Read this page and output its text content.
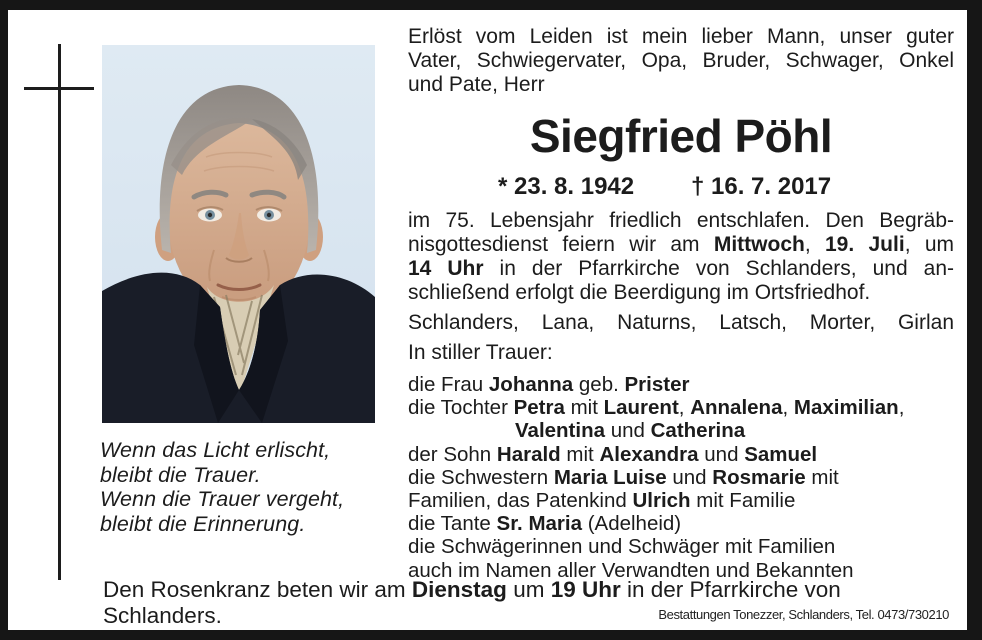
Wenn das Licht erlischt,
bleibt die Trauer.
Wenn die Trauer vergeht,
bleibt die Erinnerung.
Erlöst vom Leiden ist mein lieber Mann, unser guter
Vater, Schwiegervater, Opa, Bruder, Schwager, Onkel
und Pate, Herr
Siegfried Pöhl
* 23. 8. 1942 † 16. 7. 2017
im 75. Lebensjahr friedlich entschlafen. Den Begräb-
nisgottesdienst feiern wir am Mittwoch, 19. Juli, um
14 Uhr in der Pfarrkirche von Schlanders, und an-
schließend erfolgt die Beerdigung im Ortsfriedhof.
Schlanders, Lana, Naturns, Latsch, Morter, Girlan
In stiller Trauer:
die Frau Johanna geb. Prister
die Tochter Petra mit Laurent, Annalena, Maximilian,
Valentina und Catherina
der Sohn Harald mit Alexandra und Samuel
die Schwestern Maria Luise und Rosmarie mit
Familien, das Patenkind Ulrich mit Familie
die Tante Sr. Maria (Adelheid)
die Schwägerinnen und Schwäger mit Familien
auch im Namen aller Verwandten und Bekannten
Den Rosenkranz beten wir am Dienstag um 19 Uhr in der Pfarrkirche von Schlanders.	Bestattungen Tonezzer, Schlanders, Tel. 0473/730210
